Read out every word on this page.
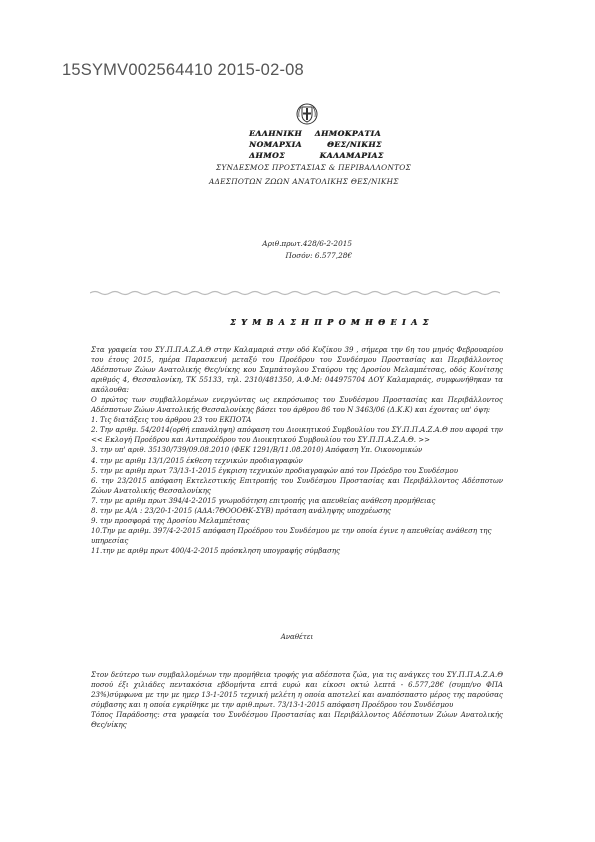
15SYMV002564410 2015-02-08
ΕΛΛΗΝΙΚΗ    ΔΗΜΟΚΡΑΤΙΑ
ΝΟΜΑΡΧΙΑ        ΘΕΣ/ΝΙΚΗΣ
ΔΗΜΟΣ           ΚΑΛΑΜΑΡΙΑΣ
ΣΥΝΔΕΣΜΟΣ ΠΡΟΣΤΑΣΙΑΣ & ΠΕΡΙΒΑΛΛΟΝΤΟΣ
ΑΔΕΣΠΟΤΩΝ ΖΩΩΝ ΑΝΑΤΟΛΙΚΗΣ ΘΕΣ/ΝΙΚΗΣ
Αριθ.πρωτ.428/6-2-2015
Ποσόν: 6.577,28€
Σ Υ Μ Β Α Σ Η Π Ρ Ο Μ Η Θ Ε Ι Α Σ

Στα γραφεία του ΣΥ.Π.Π.Α.Ζ.Α.Θ στην Καλαμαριά στην οδό Κυζίκου 39 , σήμερα την 6η του μηνός Φεβρουαρίου του έτους 2015, ημέρα Παρασκευή μεταξύ του Προέδρου του Συνδέσμου Προστασίας και Περιβάλλοντος Αδέσποτων Ζώων Ανατολικής Θες/νίκης κου Σαμπάτογλου Σταύρου της Δροσίου Μελαμπέτσας, οδός Κονίτσης αριθμός 4, Θεσσαλονίκη, ΤΚ 55133, τηλ. 2310/481350, Α.Φ.Μ: 044975704 ΔΟΥ Καλαμαριάς, συμφωνήθηκαν τα ακόλουθα:

Ο πρώτος των συμβαλλομένων ενεργώντας ως εκπρόσωπος του Συνδέσμου Προστασίας και Περιβάλλοντος Αδέσποτων Ζώων Ανατολικής Θεσσαλονίκης βάσει του άρθρου 86 του Ν 3463/06 (Δ.Κ.Κ) και έχοντας υπ' όψη:

1. Τις διατάξεις του άρθρου 23 του ΕΚΠΟΤΑ

2. Την αριθμ. 54/2014(ορθή επανάληψη) απόφαση του Διοικητικού Συμβουλίου του ΣΥ.Π.Π.Α.Ζ.Α.Θ που αφορά την << Εκλογή Προέδρου και Αντιπροέδρου του Διοικητικού Συμβουλίου του ΣΥ.Π.Π.Α.Ζ.Α.Θ. >>

3. την υπ' αριθ. 35130/739/09.08.2010 (ΦΕΚ 1291/Β/11.08.2010) Απόφαση Υπ. Οικονομικών

4. την με αριθμ 13/1/2015 έκθεση τεχνικών προδιαγραφών

5. την με αριθμ πρωτ 73/13-1-2015 έγκριση τεχνικών προδιαγραφών από τον Πρόεδρο του Συνδέσμου

6. την 23/2015 απόφαση Εκτελεστικής Επιτροπής του Συνδέσμου Προστασίας και Περιβάλλοντος Αδέσποτων Ζώων Ανατολικής Θεσσαλονίκης

7. την με αριθμ πρωτ 394/4-2-2015 γνωμοδότηση επιτροπής για απευθείας ανάθεση προμήθειας

8. την με Α/Α : 23/20-1-2015 (ΑΔΑ:7ΘΟΟΟΘΚ-ΣΥΒ) πρόταση ανάληψης υποχρέωσης

9. την προσφορά της Δροσίου Μελαμπέτσας

10.Την με αριθμ. 397/4-2-2015 απόφαση Προέδρου του Συνδέσμου με την οποία έγινε η απευθείας ανάθεση της υπηρεσίας

11.την με αριθμ πρωτ 400/4-2-2015 πρόσκληση υπογραφής σύμβασης

Αναθέτει

Στον δεύτερο των συμβαλλομένων την προμήθεια τροφής για αδέσποτα ζώα, για τις ανάγκες του ΣΥ.Π.Π.Α.Ζ.Α.Θ ποσού έξι χιλιάδες πεντακόσια εβδομήντα επτά ευρώ και είκοσι οκτώ λεπτά - 6.577,28€ (συμπ/νο ΦΠΑ 23%)σύμφωνα με την με ημερ 13-1-2015 τεχνική μελέτη η οποία αποτελεί και αναπόσπαστο μέρος της παρούσας σύμβασης και η οποία εγκρίθηκε με την αριθ.πρωτ. 73/13-1-2015 απόφαση Προέδρου του Συνδέσμου

Τόπος Παράδοσης: στα γραφεία του Συνδέσμου Προστασίας και Περιβάλλοντος Αδέσποτων Ζώων Ανατολικής Θες/νίκης
